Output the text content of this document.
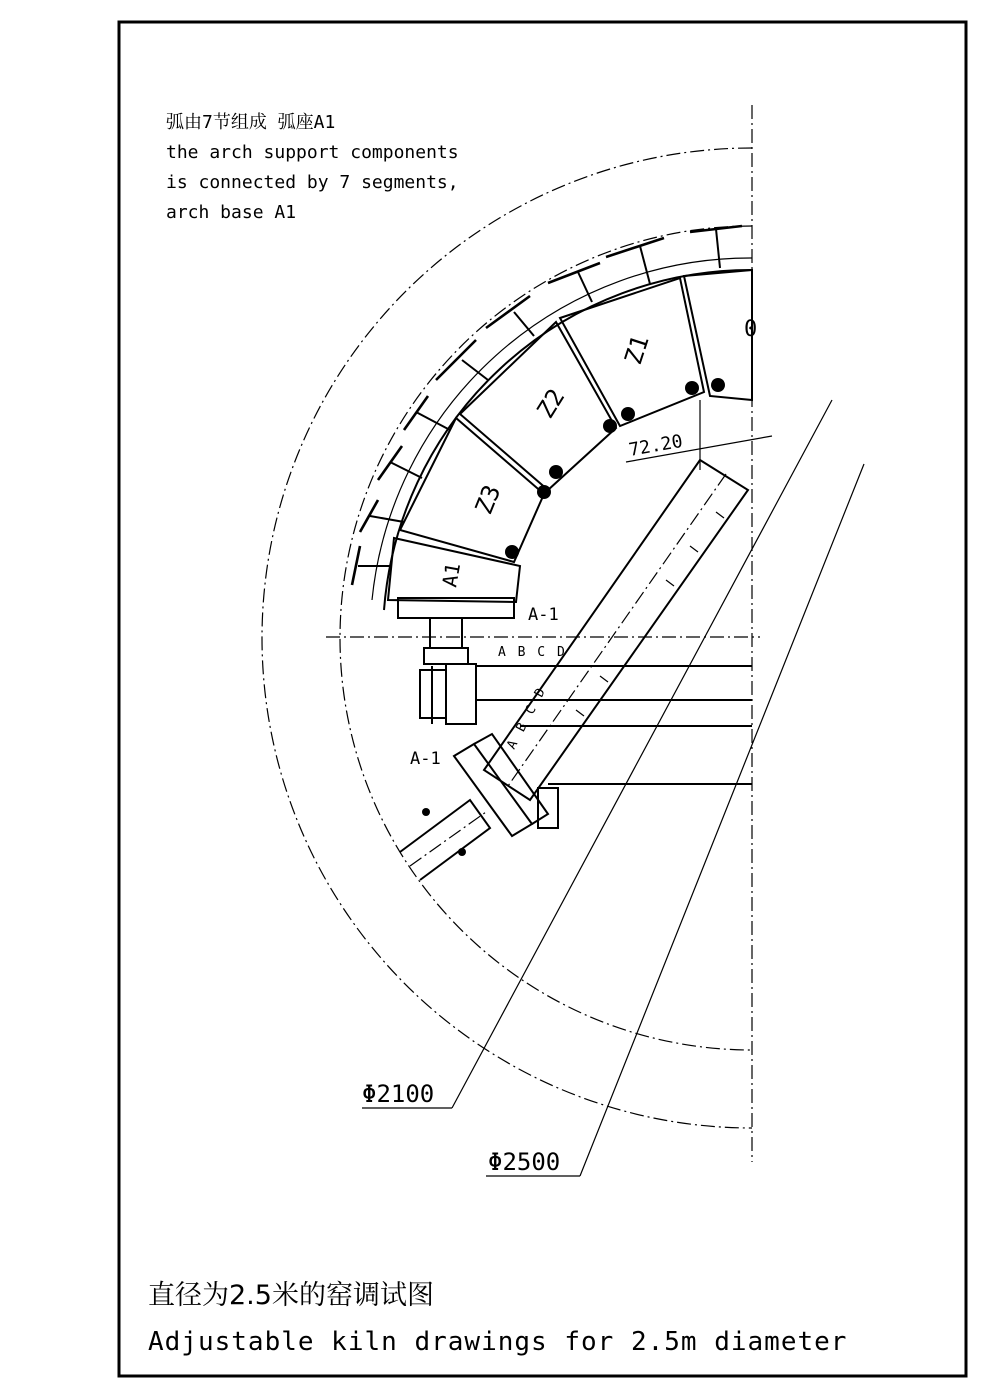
弧由7节组成 弧座A1
the arch support components
is connected by 7 segments,
arch base A1
0
Z1
Z2
Z3
A1
72.20
A-1
A-1
A B C D
A B C D
Φ2100
Φ2500
直径为2.5米的窑调试图
Adjustable kiln drawings for 2.5m diameter
